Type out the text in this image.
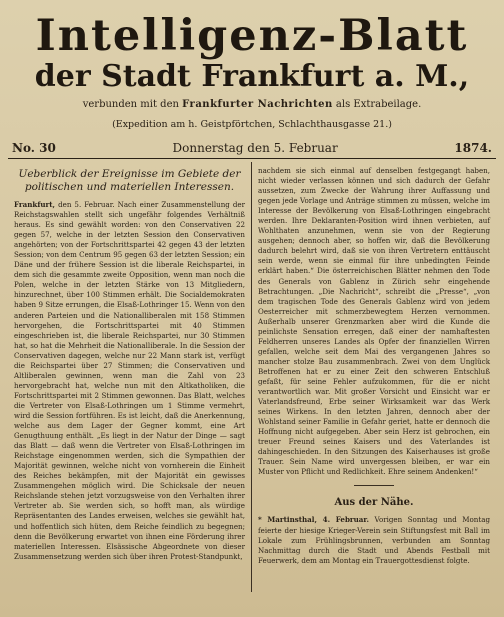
Intelligenz-Blatt
der Stadt Frankfurt a. M.,
verbunden mit den Frankfurter Nachrichten als Extrabeilage.
(Expedition am h. Geistpförtchen, Schlachthausgasse 21.)
No. 30	Donnerstag den 5. Februar	1874.
Ueberblick der Ereignisse im Gebiete der politischen und materiellen Interessen.

Frankfurt, den 5. Februar. Nach einer Zusammenstellung der Reichstagswahlen stellt sich ungefähr folgendes Verhältniß heraus. Es sind gewählt worden: von den Conservativen 22 gegen 57, welche in der letzten Session den Conservativen angehörten; von der Fortschrittspartei 42 gegen 43 der letzten Session; von dem Centrum 95 gegen 63 der letzten Session; ein Däne und der frühere Session ist die liberale Reichspartei, in dem sich die gesammte zweite Opposition, wenn man noch die Polen, welche in der letzten Stärke von 13 Mitgliedern, hinzurechnet, über 100 Stimmen erhält. Die Socialdemokraten haben 9 Sitze errungen, die Elsaß-Lothringer 15. Wenn von den anderen Parteien und die Nationalliberalen mit 158 Stimmen hervorgehen, die Fortschrittspartei mit 40 Stimmen eingeschrieben ist, die liberale Reichspartei, nur 30 Stimmen hat, so hat die Mehrheit die Nationalliberale. In die Session der Conservativen dagegen, welche nur 22 Mann stark ist, verfügt die Reichspartei über 27 Stimmen; die Conservativen und Altliberalen gewinnen, wenn man die Zahl von 23 hervorgebracht hat, welche nun mit den Altkatholiken, die Fortschrittspartei mit 2 Stimmen gewonnen. Das Blatt, welches die Vertreter von Elsaß-Lothringen um 1 Stimme vermehrt, wird die Session fortführen. Es ist leicht, daß die Anerkennung, welche aus dem Lager der Gegner kommt, eine Art Genugthuung enthält. „Es liegt in der Natur der Dinge — sagt das Blatt — daß wenn die Vertreter von Elsaß-Lothringen im Reichstage eingenommen werden, sich die Sympathien der Majorität gewinnen, welche nicht von vornherein die Einheit des Reiches bekämpfen, mit der Majorität ein gewisses Zusammengehen möglich wird. Die Schicksale der neuen Reichslande stehen jetzt vorzugsweise von den Verhalten ihrer Vertreter ab. Sie werden sich, so hofft man, als würdige Repräsentanten des Landes erweisen, welches sie gewählt hat, und hoffentlich sich hüten, dem Reiche feindlich zu begegnen; denn die Bevölkerung erwartet von ihnen eine Förderung ihrer materiellen Interessen. Elsässische Abgeordnete von dieser Zusammensetzung werden sich über ihren Protest-Standpunkt,

nachdem sie sich einmal auf denselben festgegangt haben, nicht wieder verlassen können und sich dadurch der Gefahr aussetzen, zum Zwecke der Wahrung ihrer Auffassung und gegen jede Vorlage und Anträge stimmen zu müssen, welche im Interesse der Bevölkerung von Elsaß-Lothringen eingebracht werden. Ihre Deklaranten-Position wird ihnen verbieten, auf Wohlthaten anzunehmen, wenn sie von der Regierung ausgehen; dennoch aber, so hoffen wir, daß die Bevölkerung dadurch belehrt wird, daß sie von ihren Vertretern enttäuscht sein werde, wenn sie einmal für ihre unbedingten Feinde erklärt haben.“ Die österreichischen Blätter nehmen den Tode des Generals von Gablenz in Zürich sehr eingehende Betrachtungen. „Die Nachricht“, schreibt die „Presse“, „von dem tragischen Tode des Generals Gablenz wird von jedem Oesterreicher mit schmerzbewegtem Herzen vernommen. Außerhalb unserer Grenzmarken aber wird die Kunde die peinlichste Sensation erregen, daß einer der namhaftesten Feldherren unseres Landes als Opfer der finanziellen Wirren gefallen, welche seit dem Mai des vergangenen Jahres so mancher stolze Bau zusammenbrach. Zwei von dem Unglück Betroffenen hat er zu einer Zeit den schweren Entschluß gefaßt, für seine Fehler aufzukommen, für die er nicht verantwortlich war. Mit großer Vorsicht und Einsicht war er Vaterlandsfreund, Erbe seiner Wirksamkeit war das Werk seines Wirkens. In den letzten Jahren, dennoch aber der Wohlstand seiner Familie in Gefahr geriet, hatte er dennoch die Hoffnung nicht aufgegeben. Aber sein Herz ist gebrochen, ein treuer Freund seines Kaisers und des Vaterlandes ist dahingeschieden. In den Sitzungen des Kaiserhauses ist große Trauer. Sein Name wird unvergessen bleiben, er war ein Muster von Pflicht und Redlichkeit. Ehre seinem Andenken!“

Aus der Nähe.

* Martinsthal, 4. Februar. Vorigen Sonntag und Montag feierte der hiesige Krieger-Verein sein Stiftungsfest mit Ball im Lokale zum Frühlingsbrunnen, verbunden am Sonntag Nachmittag durch die Stadt und Abends Festball mit Feuerwerk, dem am Montag ein Trauergottesdienst folgte.
